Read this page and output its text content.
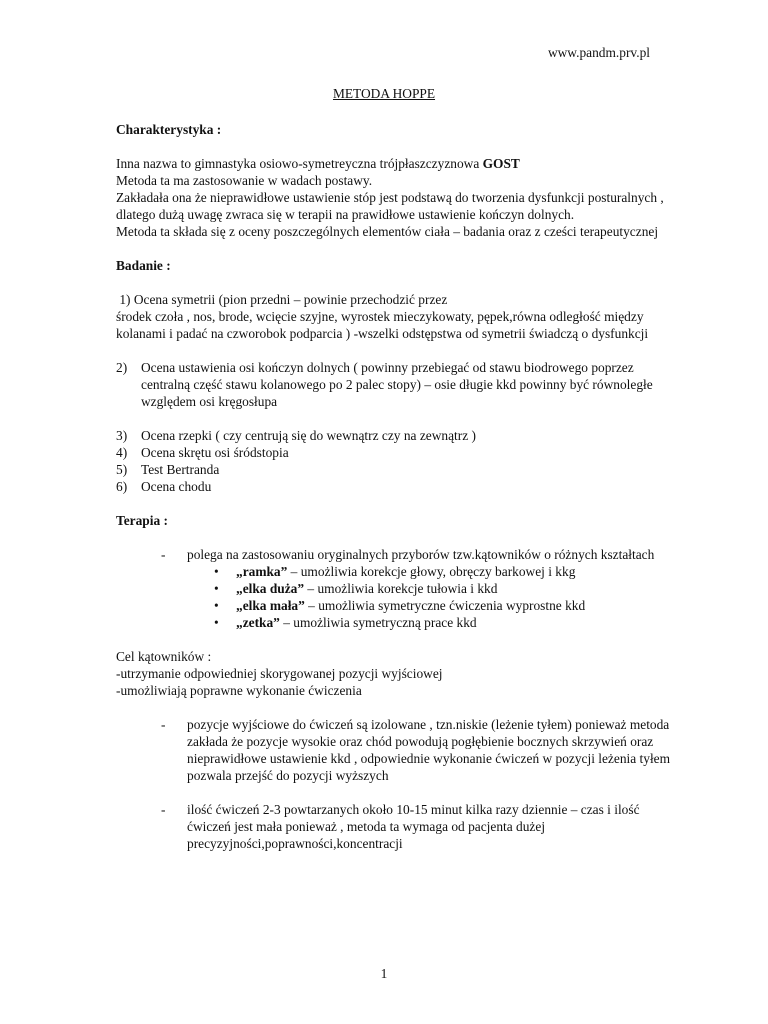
www.pandm.prv.pl
METODA HOPPE

Charakterystyka :

Inna nazwa to gimnastyka osiowo-symetreyczna trójpłaszczyznowa GOST

Metoda ta ma zastosowanie w wadach postawy.

Zakładała ona że nieprawidłowe ustawienie stóp jest podstawą do tworzenia dysfunkcji posturalnych , dlatego dużą uwagę zwraca się w terapii na prawidłowe ustawienie kończyn dolnych.

Metoda ta składa się z oceny poszczególnych elementów ciała – badania oraz z cześci terapeutycznej

Badanie :

1) Ocena symetrii (pion przedni – powinie przechodzić przez

środek czoła , nos, brode, wcięcie szyjne, wyrostek mieczykowaty, pępek,równa odległość między kolanami i padać na czworobok podparcia ) -wszelki odstępstwa od symetrii świadczą o dysfunkcji

2)	Ocena ustawienia osi kończyn dolnych ( powinny przebiegać od stawu biodrowego poprzez centralną część stawu kolanowego po 2 palec stopy) – osie długie kkd powinny być równoległe względem osi kręgosłupa
3)	Ocena rzepki ( czy centrują się do wewnątrz czy na zewnątrz )
4)	Ocena skrętu osi śródstopia
5)	Test Bertranda
6)	Ocena chodu

Terapia :

-	polega na zastosowaniu oryginalnych przyborów tzw.kątowników o różnych kształtach
•	„ramka” – umożliwia korekcje głowy, obręczy barkowej i kkg
•	„elka duża” – umożliwia korekcje tułowia i kkd
•	„elka mała” – umożliwia symetryczne ćwiczenia wyprostne kkd
•	„zetka” – umożliwia symetryczną prace kkd

Cel kątowników :

-utrzymanie odpowiedniej skorygowanej pozycji wyjściowej

-umożliwiają poprawne wykonanie ćwiczenia

-	pozycje wyjściowe do ćwiczeń są izolowane , tzn.niskie (leżenie tyłem) ponieważ metoda zakłada że pozycje wysokie oraz chód powodują pogłębienie bocznych skrzywień oraz nieprawidłowe ustawienie kkd , odpowiednie wykonanie ćwiczeń w pozycji leżenia tyłem pozwala przejść do pozycji wyższych
-	ilość ćwiczeń 2-3 powtarzanych około 10-15 minut kilka razy dziennie – czas i ilość ćwiczeń jest mała ponieważ , metoda ta wymaga od pacjenta dużej precyzyjności,poprawności,koncentracji
1
